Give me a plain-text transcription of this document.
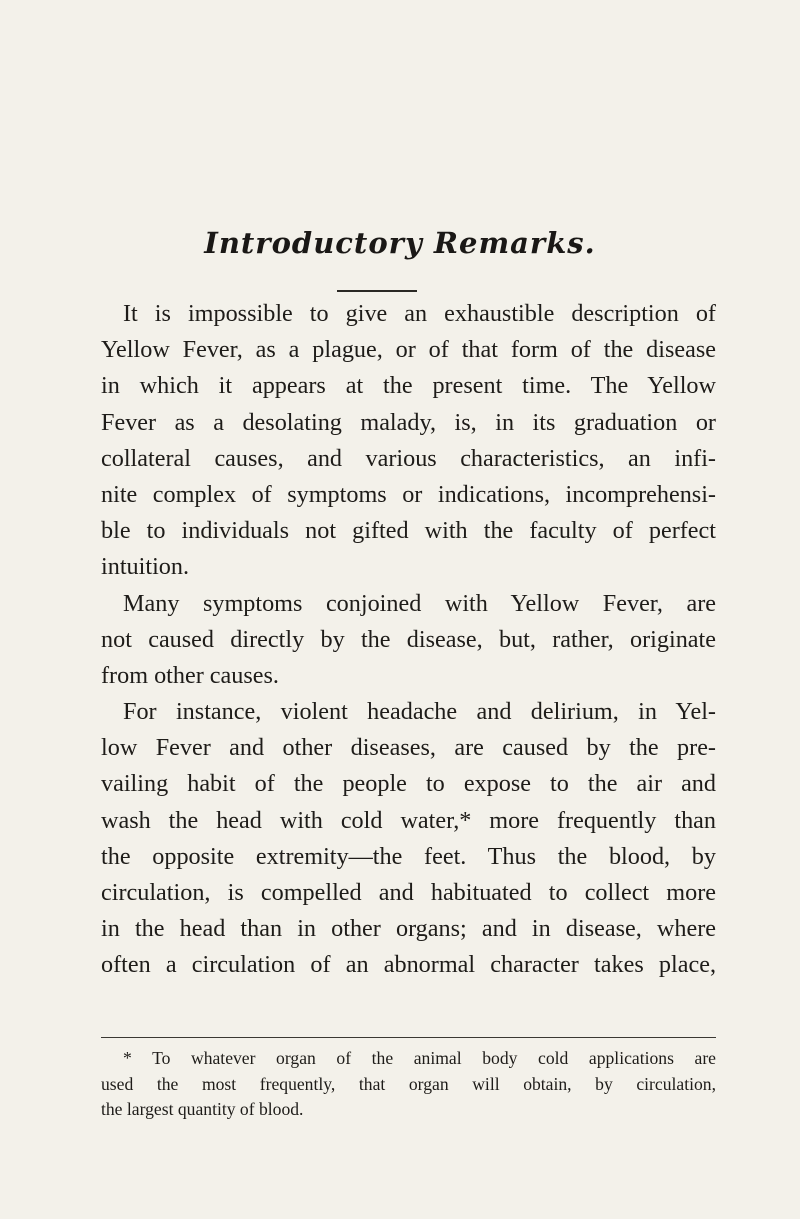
Introductory Remarks.
It is impossible to give an exhaustible description of
Yellow Fever, as a plague, or of that form of the disease
in which it appears at the present time. The Yellow
Fever as a desolating malady, is, in its graduation or
collateral causes, and various characteristics, an infi-
nite complex of symptoms or indications, incomprehensi-
ble to individuals not gifted with the faculty of perfect
intuition.
Many symptoms conjoined with Yellow Fever, are
not caused directly by the disease, but, rather, originate
from other causes.
For instance, violent headache and delirium, in Yel-
low Fever and other diseases, are caused by the pre-
vailing habit of the people to expose to the air and
wash the head with cold water,* more frequently than
the opposite extremity—the feet. Thus the blood, by
circulation, is compelled and habituated to collect more
in the head than in other organs; and in disease, where
often a circulation of an abnormal character takes place,
* To whatever organ of the animal body cold applications are
used the most frequently, that organ will obtain, by circulation,
the largest quantity of blood.
